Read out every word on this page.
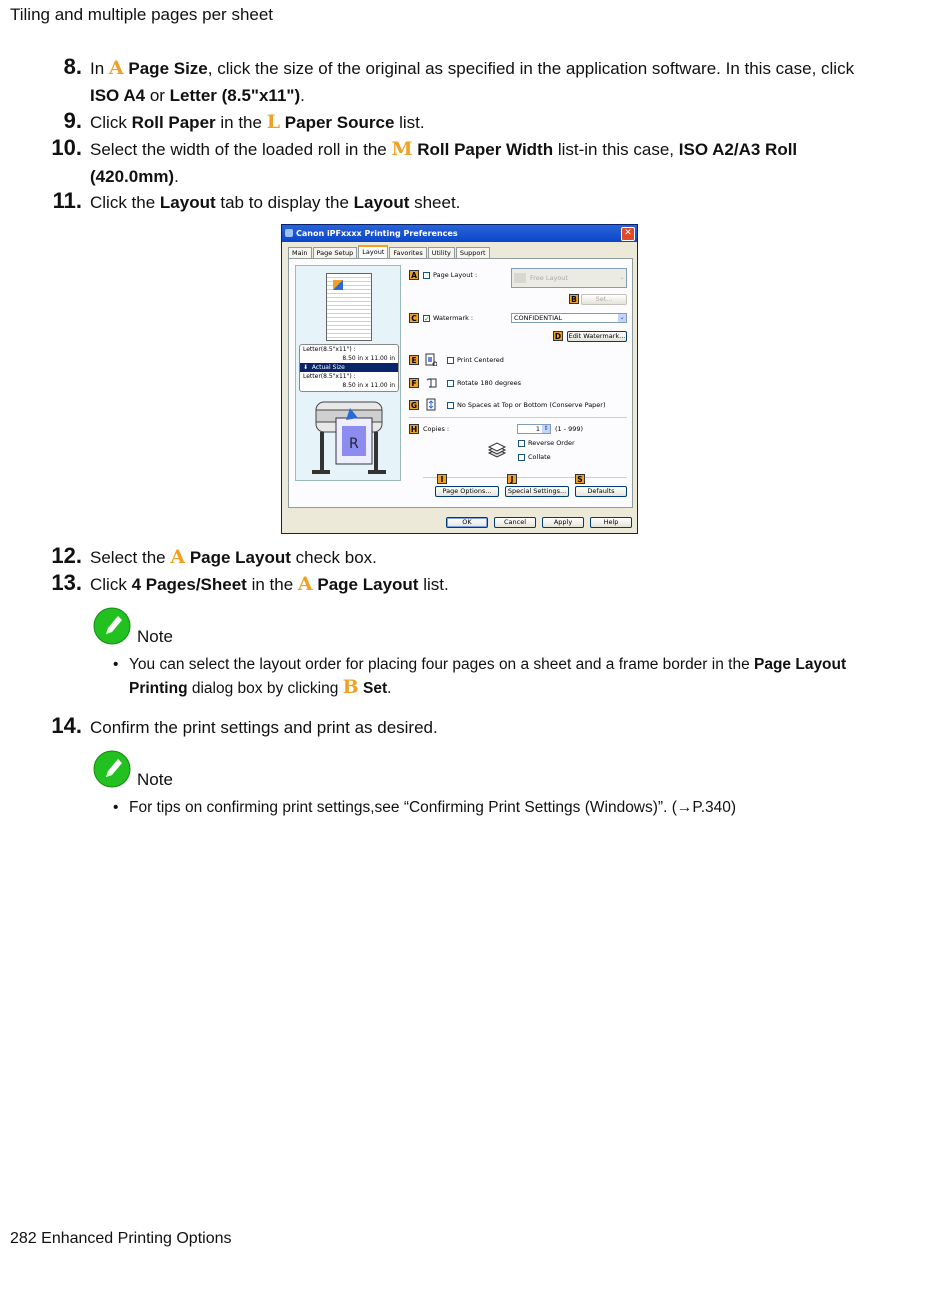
Tiling and multiple pages per sheet
8. In A Page Size, click the size of the original as specified in the application software. In this case, click ISO A4 or Letter (8.5"x11").
9. Click Roll Paper in the L Paper Source list.
10. Select the width of the loaded roll in the M Roll Paper Width list-in this case, ISO A2/A3 Roll (420.0mm).
11. Click the Layout tab to display the Layout sheet.
Canon iPFxxxx Printing Preferences	✕
Main	Page Setup	Layout	Favorites	Utility	Support
Letter(8.5"x11") :
8.50 in x 11.00 in
⬇  Actual Size
Letter(8.5"x11") :
8.50 in x 11.00 in
R
A	Page Layout :	Free Layout	⌄
B	Set...
C	✓ Watermark :	CONFIDENTIAL	⌄
D Edit Watermark...
E	Print Centered
F	Rotate 180 degrees
G	No Spaces at Top or Bottom (Conserve Paper)
H Copies :	1 ⇕ (1 - 999)
Reverse Order
Collate
I	J	S
Page Options...	Special Settings...	Defaults
OK	Cancel	Apply	Help
12. Select the A Page Layout check box.
13. Click 4 Pages/Sheet in the A Page Layout list.
Note
• You can select the layout order for placing four pages on a sheet and a frame border in the Page Layout Printing dialog box by clicking B Set.
14. Confirm the print settings and print as desired.
Note
• For tips on confirming print settings,see “Confirming Print Settings (Windows)”. (→P.340)
282 Enhanced Printing Options
